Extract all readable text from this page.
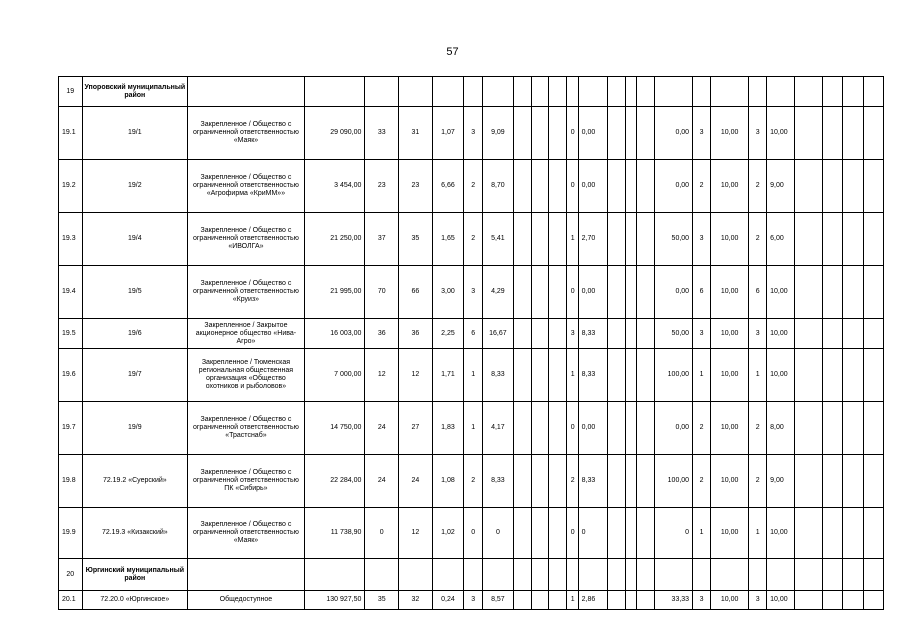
57
19	Упоровский муниципальный район																								
19.1	19/1	Закрепленное / Общество с ограниченной ответственностью «Маяк»	29 090,00	33	31	1,07	3	9,09				0	0,00				0,00	3	10,00	3	10,00				
19.2	19/2	Закрепленное / Общество с ограниченной ответственностью «Агрофирма «КриММ»»	3 454,00	23	23	6,66	2	8,70				0	0,00				0,00	2	10,00	2	9,00				
19.3	19/4	Закрепленное / Общество с ограниченной ответственностью «ИВОЛГА»	21 250,00	37	35	1,65	2	5,41				1	2,70				50,00	3	10,00	2	6,00				
19.4	19/5	Закрепленное / Общество с ограниченной ответственностью «Круиз»	21 995,00	70	66	3,00	3	4,29				0	0,00				0,00	6	10,00	6	10,00				
19.5	19/6	Закрепленное / Закрытое акционерное общество «Нива-Агро»	16 003,00	36	36	2,25	6	16,67				3	8,33				50,00	3	10,00	3	10,00				
19.6	19/7	Закрепленное / Тюменская региональная общественная организация «Общество охотников и рыболовов»	7 000,00	12	12	1,71	1	8,33				1	8,33				100,00	1	10,00	1	10,00				
19.7	19/9	Закрепленное / Общество с ограниченной ответственностью «Трастснаб»	14 750,00	24	27	1,83	1	4,17				0	0,00				0,00	2	10,00	2	8,00				
19.8	72.19.2 «Суерский»	Закрепленное / Общество с ограниченной ответственностью ПК «Сибирь»	22 284,00	24	24	1,08	2	8,33				2	8,33				100,00	2	10,00	2	9,00				
19.9	72.19.3 «Кизакский»	Закрепленное / Общество с ограниченной ответственностью «Маяк»	11 738,90	0	12	1,02	0	0				0	0				0	1	10,00	1	10,00				
20	Юргинский муниципальный район																								
20.1	72.20.0 «Юргинское»	Общедоступное	130 927,50	35	32	0,24	3	8,57				1	2,86				33,33	3	10,00	3	10,00				
